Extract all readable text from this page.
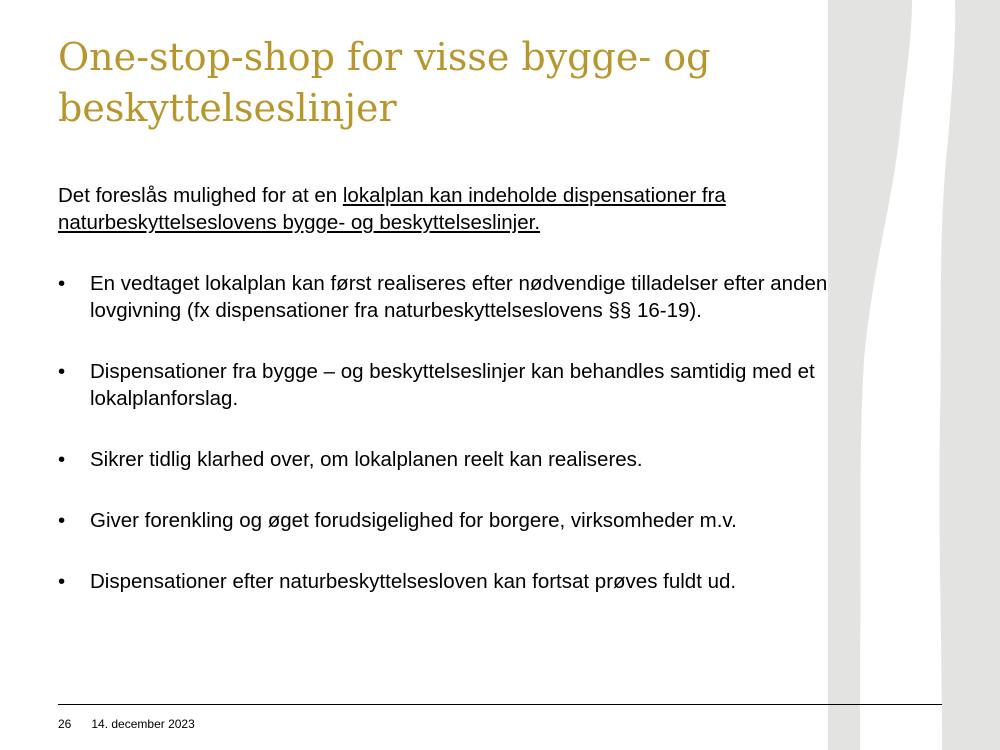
One-stop-shop for visse bygge- og beskyttelseslinjer

Det foreslås mulighed for at en lokalplan kan indeholde dispensationer fra naturbeskyttelseslovens bygge- og beskyttelseslinjer.

•	En vedtaget lokalplan kan først realiseres efter nødvendige tilladelser efter anden lovgivning (fx dispensationer fra naturbeskyttelseslovens §§ 16-19).
•	Dispensationer fra bygge – og beskyttelseslinjer kan behandles samtidig med et lokalplanforslag.
•	Sikrer tidlig klarhed over, om lokalplanen reelt kan realiseres.
•	Giver forenkling og øget forudsigelighed for borgere, virksomheder m.v.
•	Dispensationer efter naturbeskyttelsesloven kan fortsat prøves fuldt ud.
26 14. december 2023
